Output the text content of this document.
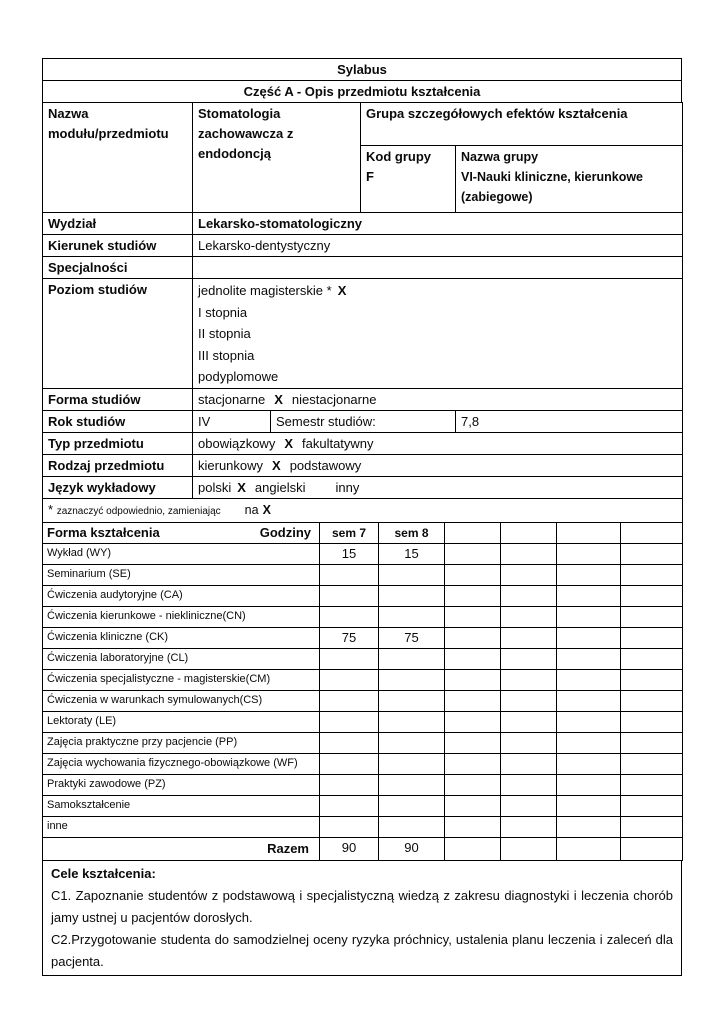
Sylabus
Część A - Opis przedmiotu kształcenia
Nazwa modułu/przedmiotu	Stomatologia zachowawcza z endodoncją	Grupa szczegółowych efektów kształcenia	

Kod grupy
F

Nazwa grupy
VI-Nauki kliniczne, kierunkowe (zabiegowe)
Wydział	Lekarsko-stomatologiczny		
Kierunek studiów	Lekarsko-dentystyczny		
Specjalności			
Poziom studiów	jednolite magisterskie * X
I stopnia
II stopnia
III stopnia
podyplomowe		

Forma studiów	stacjonarne X niestacjonarne		
Rok studiów	IV	Semestr studiów:	7,8
Typ przedmiotu	obowiązkowy X fakultatywny		
Rodzaj przedmiotu	kierunkowy X podstawowy		
Język wykładowy	polski X angielski inny		
* zaznaczyć odpowiednio, zamieniając na X			
Forma kształcenia Godziny	sem 7	sem 8				
Wykład (WY)	15	15				
Seminarium (SE)						
Ćwiczenia audytoryjne (CA)						
Ćwiczenia kierunkowe - niekliniczne(CN)						
Ćwiczenia kliniczne (CK)	75	75				
Ćwiczenia laboratoryjne (CL)						
Ćwiczenia specjalistyczne - magisterskie(CM)						
Ćwiczenia w warunkach symulowanych(CS)						
Lektoraty (LE)						
Zajęcia praktyczne przy pacjencie (PP)						
Zajęcia wychowania fizycznego-obowiązkowe (WF)						
Praktyki zawodowe (PZ)						
Samokształcenie						
inne						
Razem	90	90				
Cele kształcenia:

C1. Zapoznanie studentów z podstawową i specjalistyczną wiedzą z zakresu diagnostyki i leczenia chorób jamy ustnej u pacjentów dorosłych.

C2.Przygotowanie studenta do samodzielnej oceny ryzyka próchnicy, ustalenia planu leczenia i zaleceń dla pacjenta.
